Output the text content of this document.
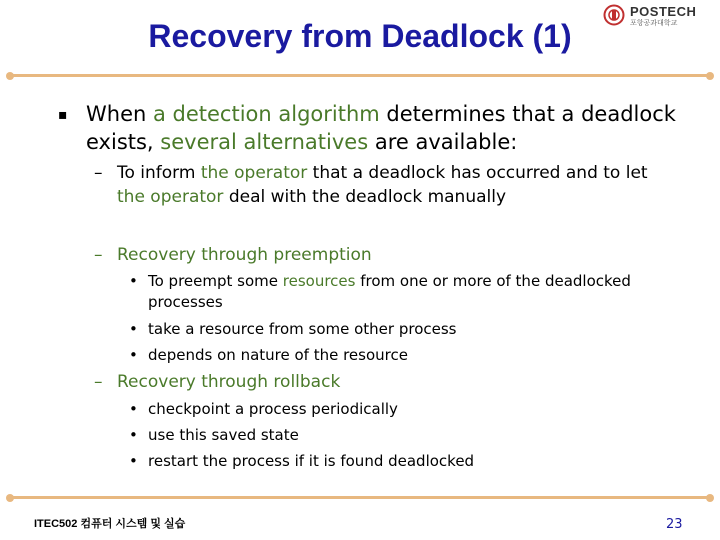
POSTECH
포항공과대학교
Recovery from Deadlock (1)
▪ When a detection algorithm determines that a deadlock
exists, several alternatives are available:
– To inform the operator that a deadlock has occurred and to let
the operator deal with the deadlock manually
– Recovery through preemption
• To preempt some resources from one or more of the deadlocked
processes
• take a resource from some other process
• depends on nature of the resource
– Recovery through rollback
• checkpoint a process periodically
• use this saved state
• restart the process if it is found deadlocked
ITEC502 컴퓨터 시스템 및 실습	23
